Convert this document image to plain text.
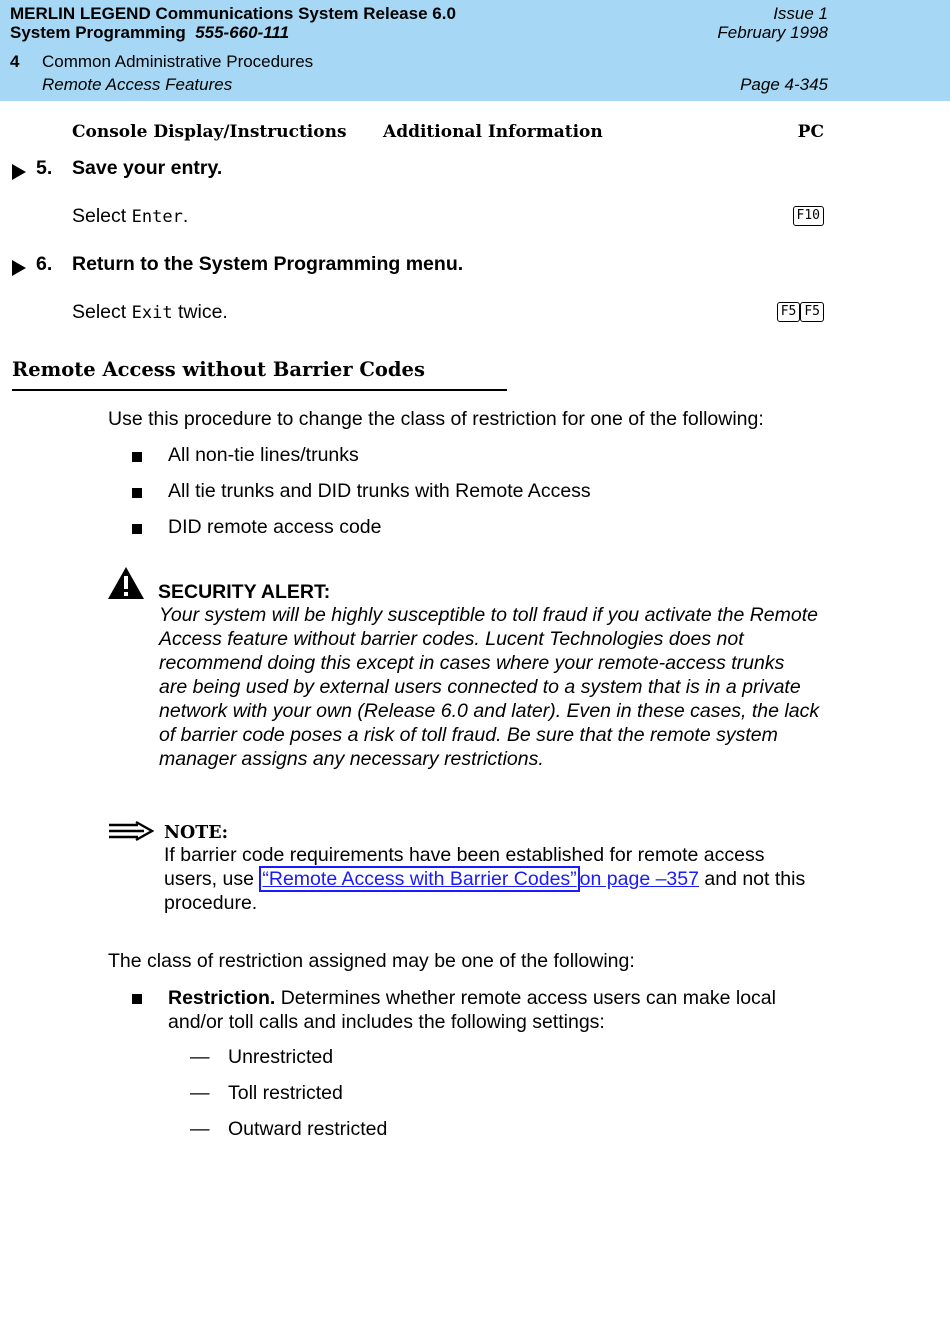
MERLIN LEGEND Communications System Release 6.0
System Programming 555-660-111
Issue 1
February 1998
4 Common Administrative Procedures
Remote Access Features	Page 4-345
Console Display/Instructions Additional Information	PC
5. Save your entry.
Select Enter.	F10
6. Return to the System Programming menu.
Select Exit twice.	F5 F5
Remote Access without Barrier Codes
Use this procedure to change the class of restriction for one of the following:
All non-tie lines/trunks
All tie trunks and DID trunks with Remote Access
DID remote access code
SECURITY ALERT:
Your system will be highly susceptible to toll fraud if you activate the Remote
Access feature without barrier codes. Lucent Technologies does not
recommend doing this except in cases where your remote-access trunks
are being used by external users connected to a system that is in a private
network with your own (Release 6.0 and later). Even in these cases, the lack
of barrier code poses a risk of toll fraud. Be sure that the remote system
manager assigns any necessary restrictions.
NOTE:
If barrier code requirements have been established for remote access
users, use “Remote Access with Barrier Codes” on page –357 and not this
procedure.
The class of restriction assigned may be one of the following:
Restriction. Determines whether remote access users can make local
and/or toll calls and includes the following settings:
— Unrestricted
— Toll restricted
— Outward restricted
